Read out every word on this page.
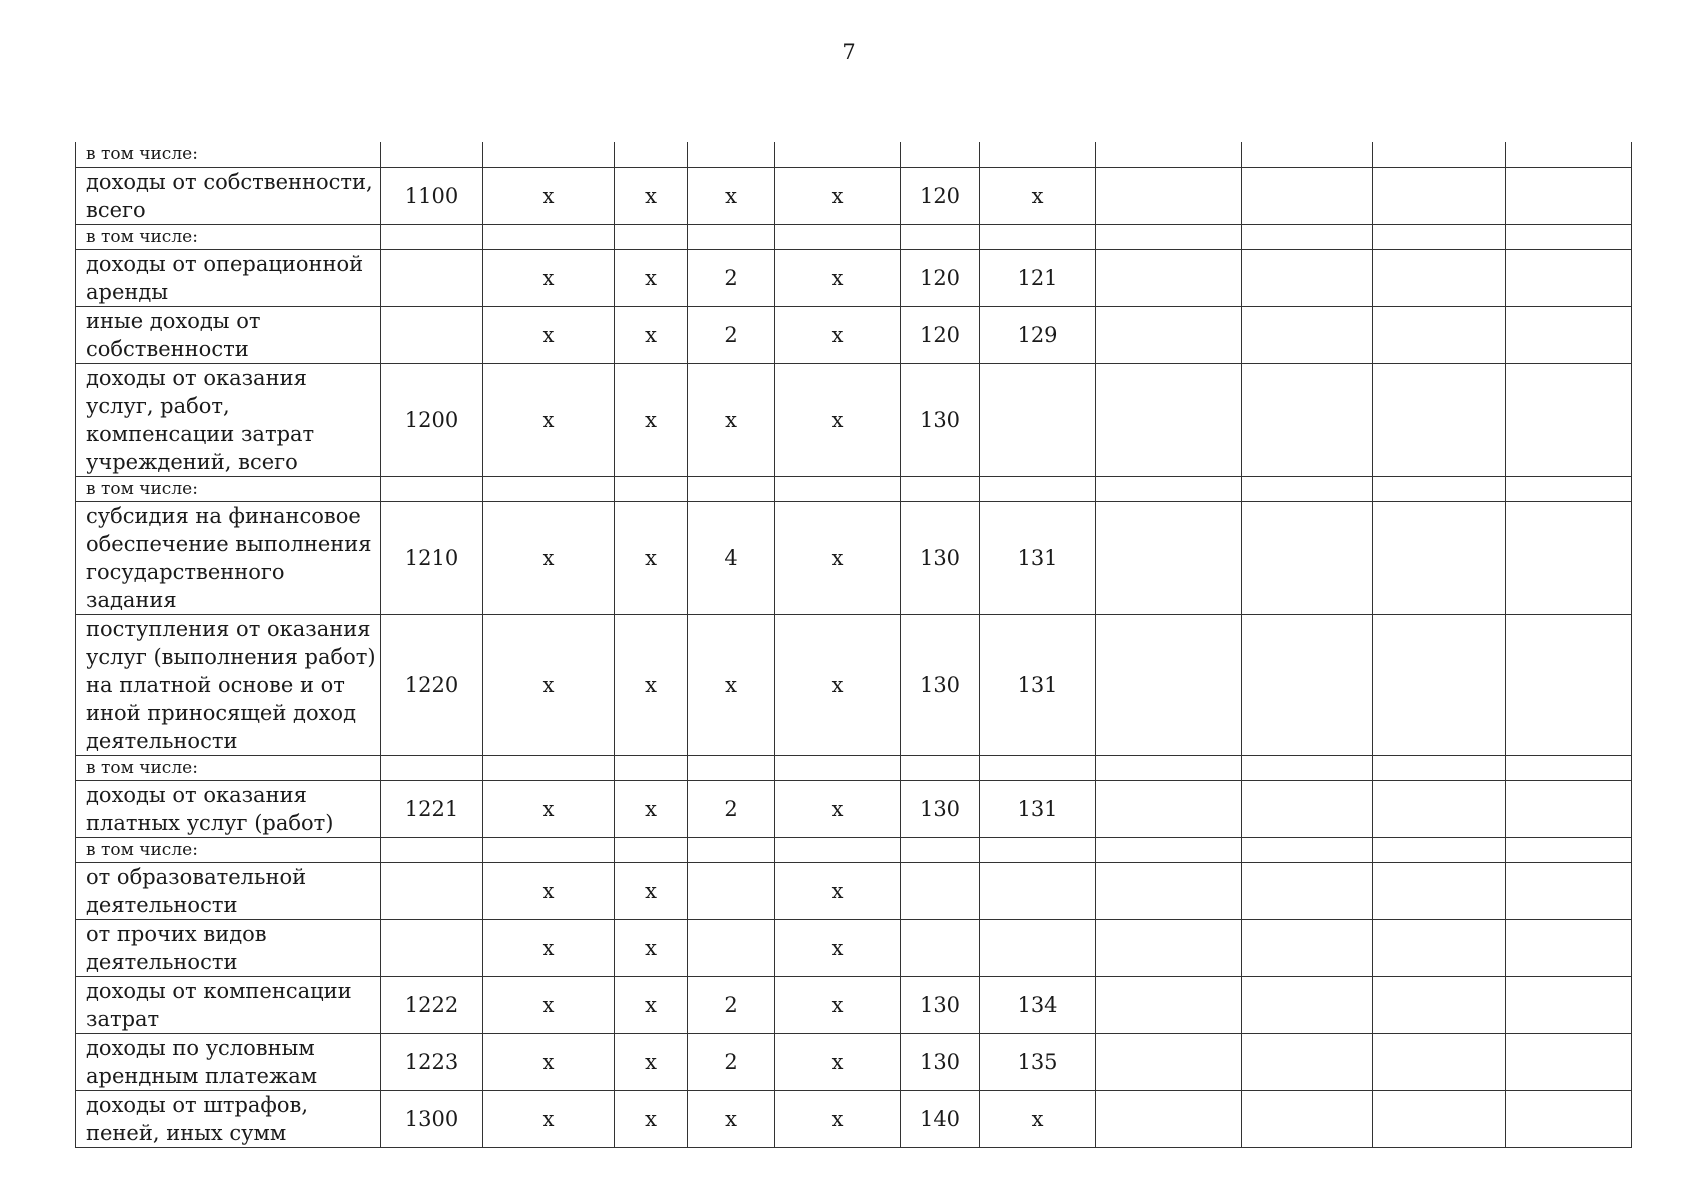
7
в том числе:											
доходы от собственности, всего	1100	x	x	x	x	120	x				
в том числе:											
доходы от операционной аренды		x	x	2	x	120	121				
иные доходы от собственности		x	x	2	x	120	129				
доходы от оказания услуг, работ, компенсации затрат учреждений, всего	1200	x	x	x	x	130					
в том числе:											
субсидия на финансовое обеспечение выполнения государственного задания	1210	x	x	4	x	130	131				
поступления от оказания услуг (выполнения работ) на платной основе и от иной приносящей доход деятельности	1220	x	x	x	x	130	131				
в том числе:											
доходы от оказания платных услуг (работ)	1221	x	x	2	x	130	131				
в том числе:											
от образовательной деятельности		x	x		x						
от прочих видов деятельности		x	x		x						
доходы от компенсации затрат	1222	x	x	2	x	130	134				
доходы по условным арендным платежам	1223	x	x	2	x	130	135				
доходы от штрафов, пеней, иных сумм	1300	x	x	x	x	140	x				
